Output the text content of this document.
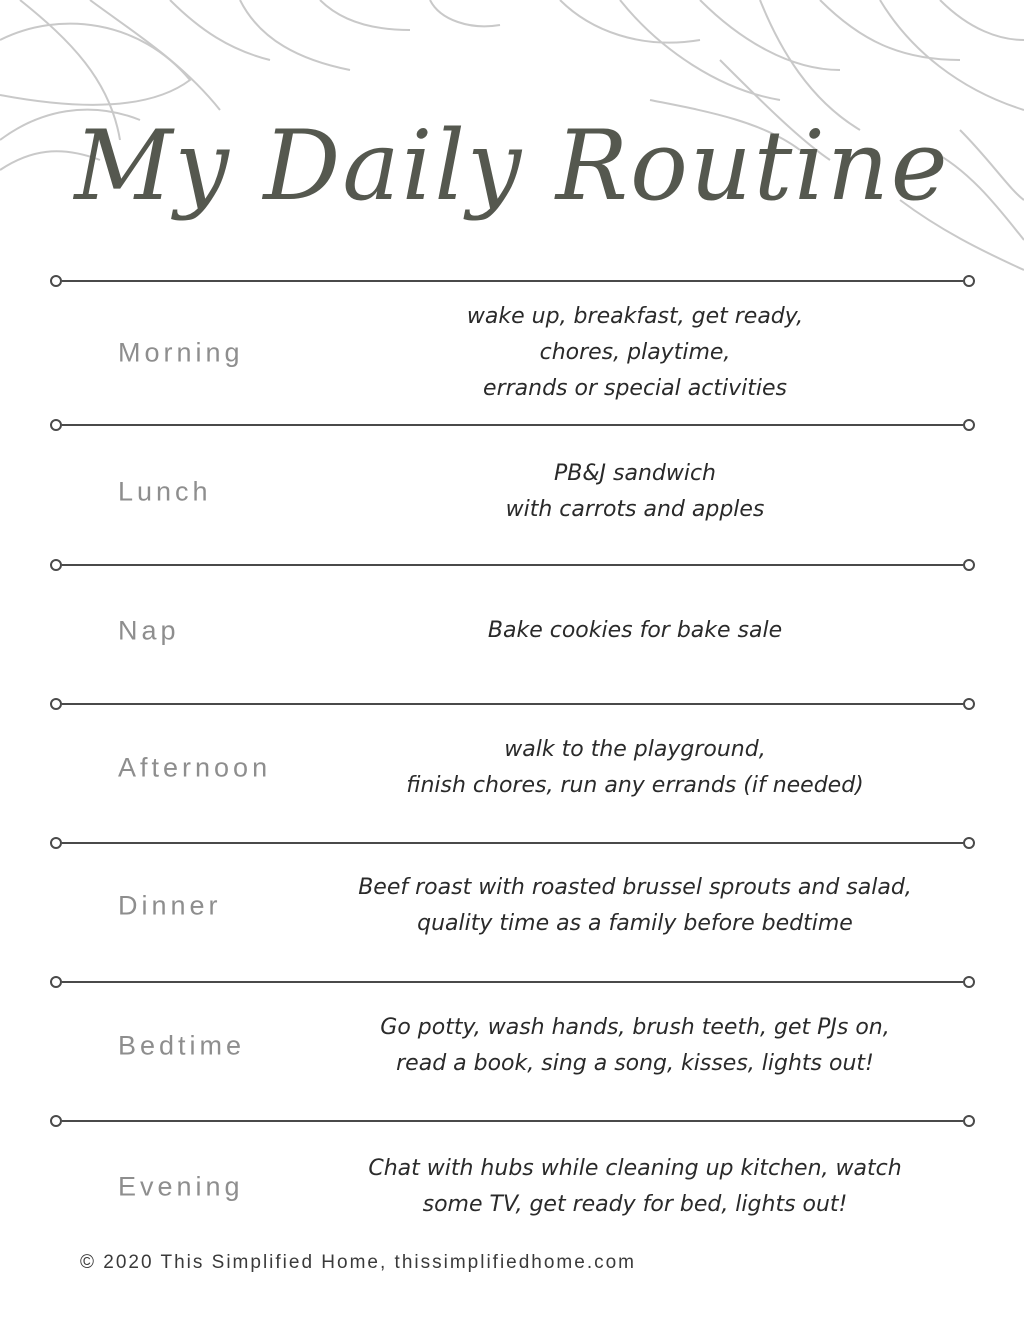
My Daily Routine
Morning
wake up, breakfast, get ready,
chores, playtime,
errands or special activities
Lunch
PB&J sandwich
with carrots and apples
Nap	Bake cookies for bake sale
Afternoon
walk to the playground,
finish chores, run any errands (if needed)
Dinner
Beef roast with roasted brussel sprouts and salad,
quality time as a family before bedtime
Bedtime
Go potty, wash hands, brush teeth, get PJs on,
read a book, sing a song, kisses, lights out!
Evening
Chat with hubs while cleaning up kitchen, watch
some TV, get ready for bed, lights out!
© 2020 This Simplified Home, thissimplifiedhome.com
